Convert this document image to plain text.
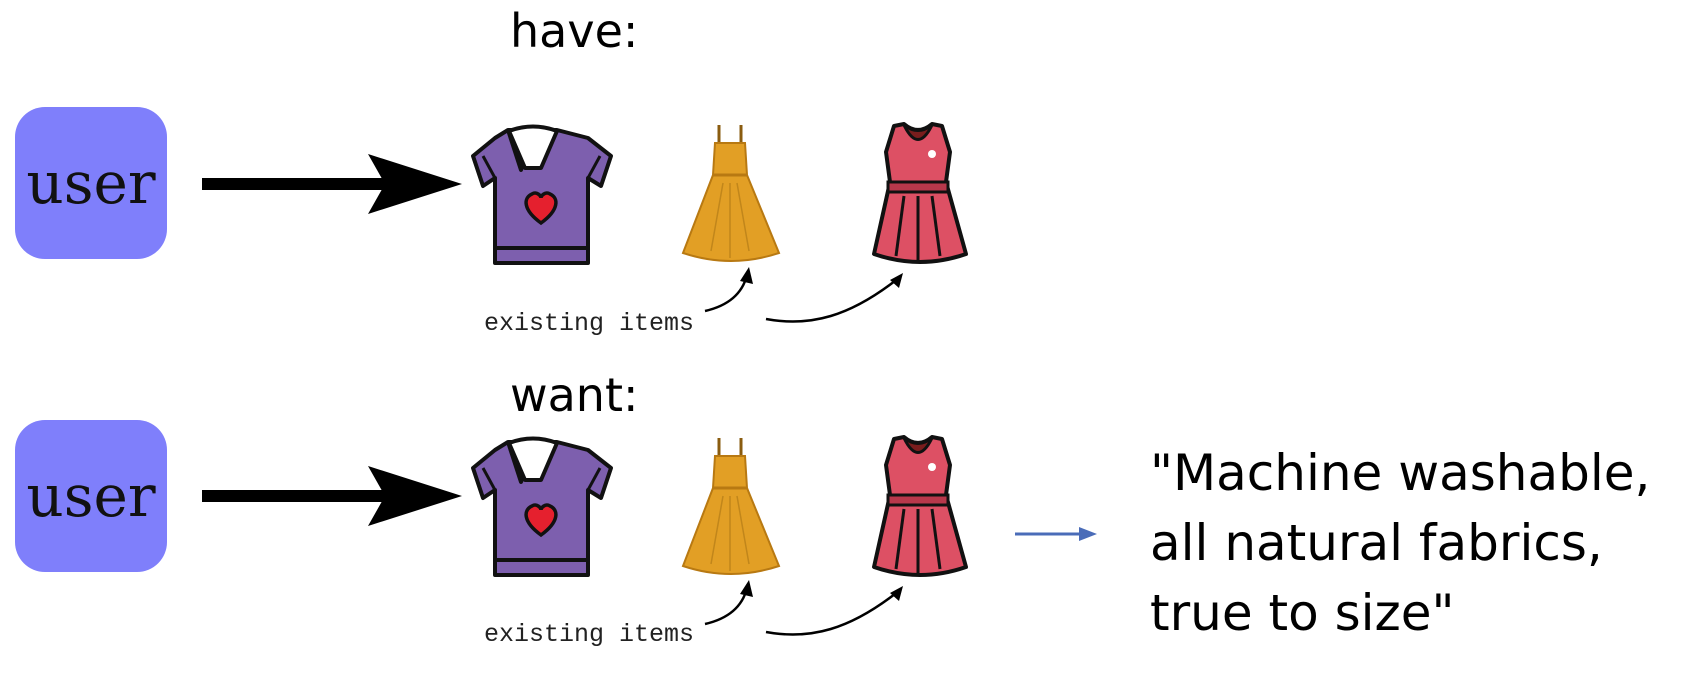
have:
user
existing items
want:
user
existing items
"Machine washable,
all natural fabrics,
true to size"
